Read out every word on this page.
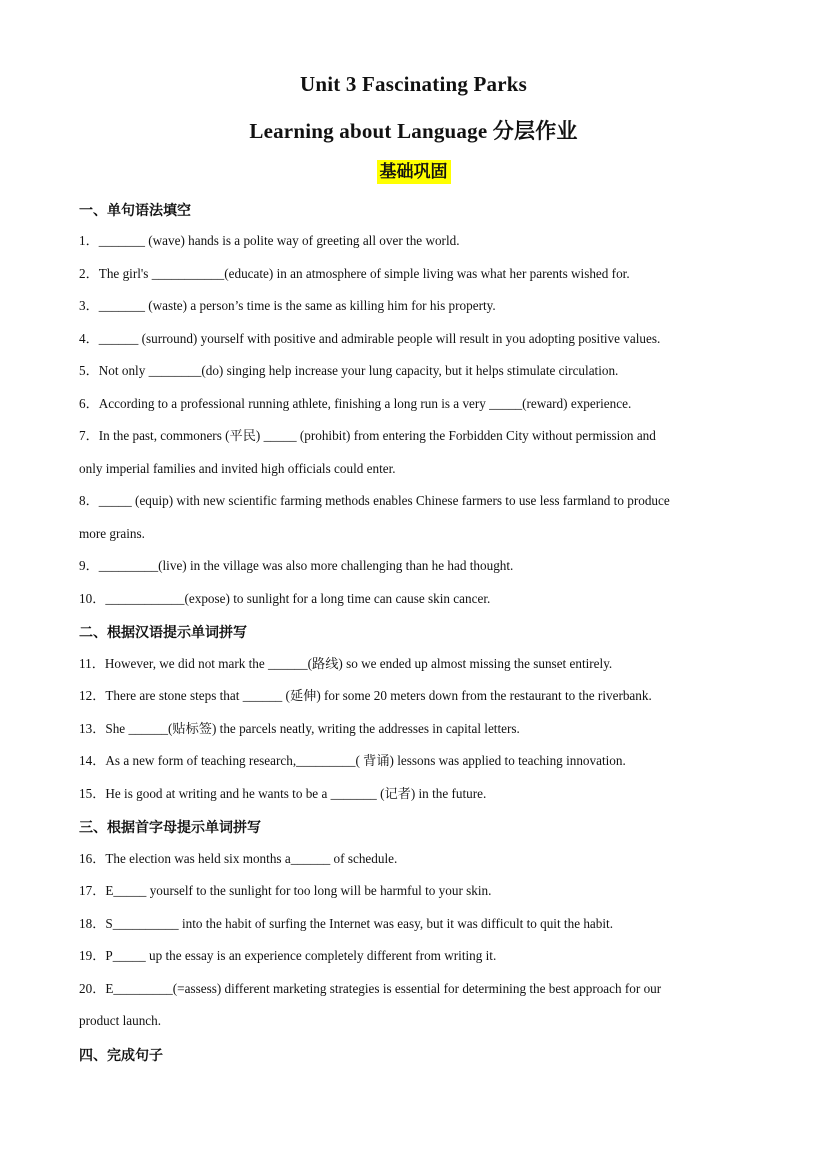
Unit 3 Fascinating Parks
Learning about Language 分层作业
基础巩固
一、单句语法填空
1．_______ (wave) hands is a polite way of greeting all over the world.
2．The girl's ___________(educate) in an atmosphere of simple living was what her parents wished for.
3．_______ (waste) a person’s time is the same as killing him for his property.
4．______ (surround) yourself with positive and admirable people will result in you adopting positive values.
5．Not only ________(do) singing help increase your lung capacity, but it helps stimulate circulation.
6．According to a professional running athlete, finishing a long run is a very _____(reward) experience.
7．In the past, commoners (平民) _____ (prohibit) from entering the Forbidden City without permission and
only imperial families and invited high officials could enter.
8．_____ (equip) with new scientific farming methods enables Chinese farmers to use less farmland to produce
more grains.
9．_________(live) in the village was also more challenging than he had thought.
10．____________(expose) to sunlight for a long time can cause skin cancer.
二、根据汉语提示单词拼写
11．However, we did not mark the ______(路线) so we ended up almost missing the sunset entirely.
12．There are stone steps that ______ (延伸) for some 20 meters down from the restaurant to the riverbank.
13．She ______(贴标签) the parcels neatly, writing the addresses in capital letters.
14．As a new form of teaching research,_________( 背诵) lessons was applied to teaching innovation.
15．He is good at writing and he wants to be a _______ (记者) in the future.
三、根据首字母提示单词拼写
16．The election was held six months a______ of schedule.
17．E_____ yourself to the sunlight for too long will be harmful to your skin.
18．S__________ into the habit of surfing the Internet was easy, but it was difficult to quit the habit.
19．P_____ up the essay is an experience completely different from writing it.
20．E_________(=assess) different marketing strategies is essential for determining the best approach for our
product launch.
四、完成句子
